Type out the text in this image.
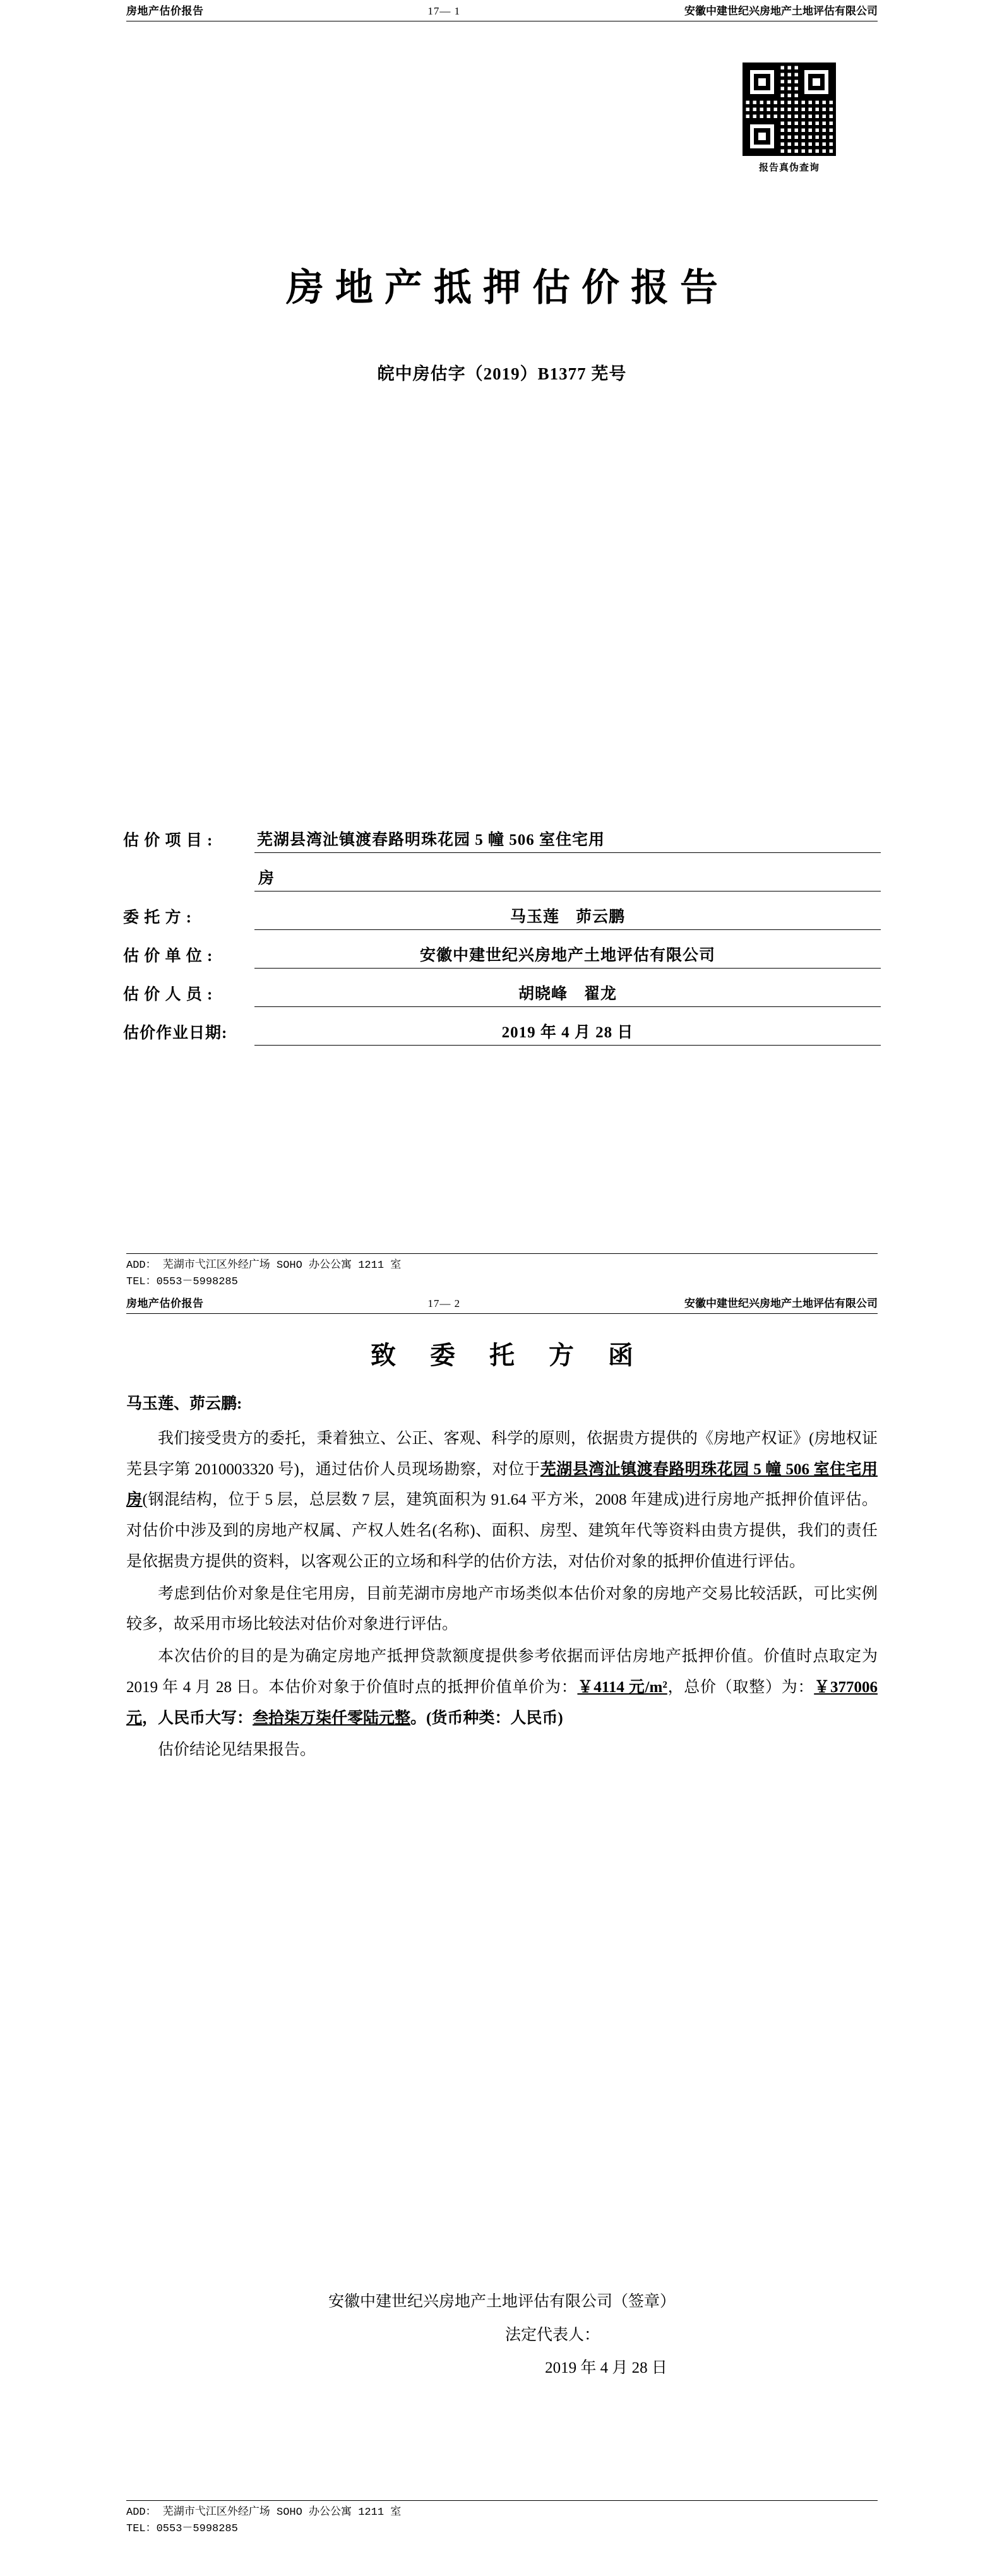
房地产估价报告	17— 1	安徽中建世纪兴房地产土地评估有限公司
报告真伪查询
房地产抵押估价报告
皖中房估字（2019）B1377 芜号
估 价 项 目 :	芜湖县湾沚镇渡春路明珠花园 5 幢 506 室住宅用
房
委 托 方 :	马玉莲　茆云鹏
估 价 单 位 :	安徽中建世纪兴房地产土地评估有限公司
估 价 人 员 :	胡晓峰　翟龙
估价作业日期:	2019 年 4 月 28 日
ADD： 芜湖市弋江区外经广场 SOHO 办公公寓 1211 室
TEL：0553－5998285
房地产估价报告	17— 2	安徽中建世纪兴房地产土地评估有限公司
致 委 托 方 函

马玉莲、茆云鹏:

我们接受贵方的委托，秉着独立、公正、客观、科学的原则，依据贵方提供的《房地产权证》(房地权证芜县字第 2010003320 号)，通过估价人员现场勘察，对位于芜湖县湾沚镇渡春路明珠花园 5 幢 506 室住宅用房(钢混结构，位于 5 层，总层数 7 层，建筑面积为 91.64 平方米，2008 年建成)进行房地产抵押价值评估。对估价中涉及到的房地产权属、产权人姓名(名称)、面积、房型、建筑年代等资料由贵方提供，我们的责任是依据贵方提供的资料，以客观公正的立场和科学的估价方法，对估价对象的抵押价值进行评估。

考虑到估价对象是住宅用房，目前芜湖市房地产市场类似本估价对象的房地产交易比较活跃，可比实例较多，故采用市场比较法对估价对象进行评估。

本次估价的目的是为确定房地产抵押贷款额度提供参考依据而评估房地产抵押价值。价值时点取定为 2019 年 4 月 28 日。本估价对象于价值时点的抵押价值单价为：￥4114 元/m²，总价（取整）为：￥377006 元，人民币大写：叁拾柒万柒仟零陆元整。(货币种类：人民币)

估价结论见结果报告。

安徽中建世纪兴房地产土地评估有限公司（签章）
法定代表人：
2019 年 4 月 28 日
ADD： 芜湖市弋江区外经广场 SOHO 办公公寓 1211 室
TEL：0553－5998285
